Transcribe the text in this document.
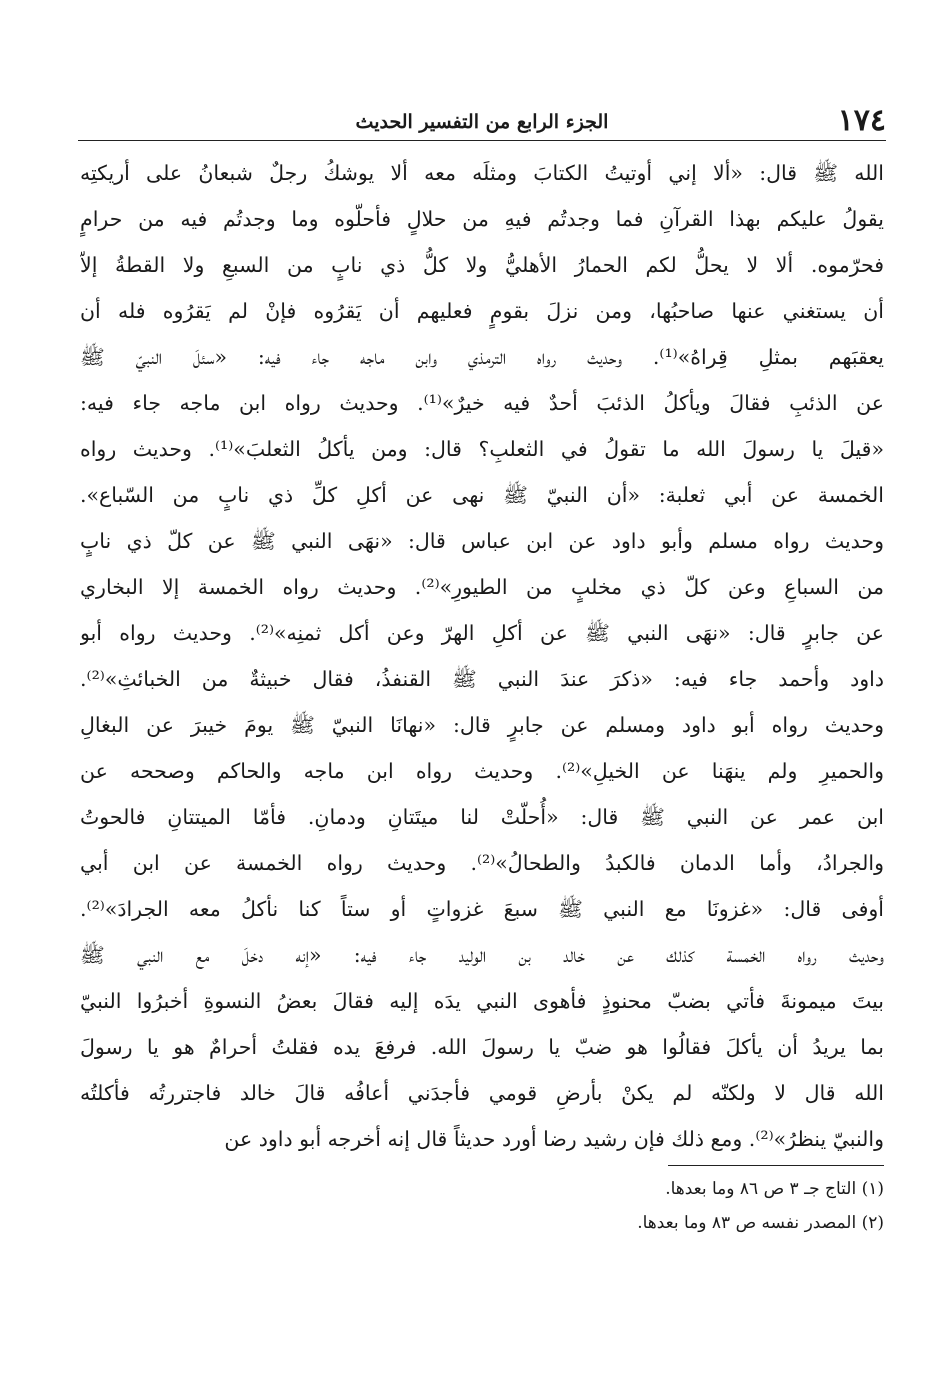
١٧٤
الجزء الرابع من التفسير الحديث
الله ﷺ قال: «ألا إني أوتيتُ الكتابَ ومثلَه معه ألا يوشكُ رجلٌ شبعانُ على أريكتِه
يقولُ عليكم بهذا القرآنِ فما وجدتُم فيهِ من حلالٍ فأحلّوه وما وجدتُم فيه من حرامٍ
فحرّموه. ألا لا يحلُّ لكم الحمارُ الأهليُّ ولا كلُّ ذي نابٍ من السبعِ ولا القطةُ إلاّ
أن يستغني عنها صاحبُها، ومن نزلَ بقومٍ فعليهم أن يَقرُوه فإنْ لم يَقرُوه فله أن
يعقبَهم بمثلِ قِراهُ»⁽¹⁾. وحديث رواه الترمذي وابن ماجه جاء فيه: «سئلَ النبيّ ﷺ
عن الذئبِ فقالَ ويأكلُ الذئبَ أحدٌ فيه خيرٌ»⁽¹⁾. وحديث رواه ابن ماجه جاء فيه:
«قيلَ يا رسولَ الله ما تقولُ في الثعلبِ؟ قال: ومن يأكلُ الثعلبَ»⁽¹⁾. وحديث رواه
الخمسة عن أبي ثعلبة: «أن النبيّ ﷺ نهى عن أكلِ كلِّ ذي نابٍ من السّباع».
وحديث رواه مسلم وأبو داود عن ابن عباس قال: «نهَى النبي ﷺ عن كلّ ذي نابٍ
من السباعِ وعن كلّ ذي مخلبٍ من الطيورِ»⁽²⁾. وحديث رواه الخمسة إلا البخاري
عن جابرٍ قال: «نهَى النبي ﷺ عن أكلِ الهرّ وعن أكل ثمنِه»⁽²⁾. وحديث رواه أبو
داود وأحمد جاء فيه: «ذكرَ عندَ النبي ﷺ القنفذُ، فقال خبيثةٌ من الخبائثِ»⁽²⁾.
وحديث رواه أبو داود ومسلم عن جابرٍ قال: «نهانَا النبيّ ﷺ يومَ خيبرَ عن البغالِ
والحميرِ ولم ينهَنا عن الخيلِ»⁽²⁾. وحديث رواه ابن ماجه والحاكم وصححه عن
ابن عمر عن النبي ﷺ قال: «أُحلّتْ لنا ميتَتانِ ودمانِ. فأمّا الميتتانِ فالحوتُ
والجرادُ، وأما الدمان فالكبدُ والطحالُ»⁽²⁾. وحديث رواه الخمسة عن ابن أبي
أوفى قال: «غزونَا مع النبي ﷺ سبعَ غزواتٍ أو ستاً كنا نأكلُ معه الجرادَ»⁽²⁾.
وحديث رواه الخمسة كذلك عن خالد بن الوليد جاء فيه: «إنه دخلَ مع النبي ﷺ
بيتَ ميمونةَ فأتي بضبّ محنوذٍ فأهوى النبي يدَه إليه فقالَ بعضُ النسوةِ أخبرُوا النبيّ
بما يريدُ أن يأكلَ فقالُوا هو ضبّ يا رسولَ الله. فرفعَ يده فقلتُ أحرامٌ هو يا رسولَ
الله قال لا ولكنّه لم يكنْ بأرضِ قومي فأجدَني أعافُه قالَ خالد فاجتررتُه فأكلتُه
والنبيّ ينظرُ»⁽²⁾. ومع ذلك فإن رشيد رضا أورد حديثاً قال إنه أخرجه أبو داود عن
(١) التاج جـ ٣ ص ٨٦ وما بعدها.
(٢) المصدر نفسه ص ٨٣ وما بعدها.
